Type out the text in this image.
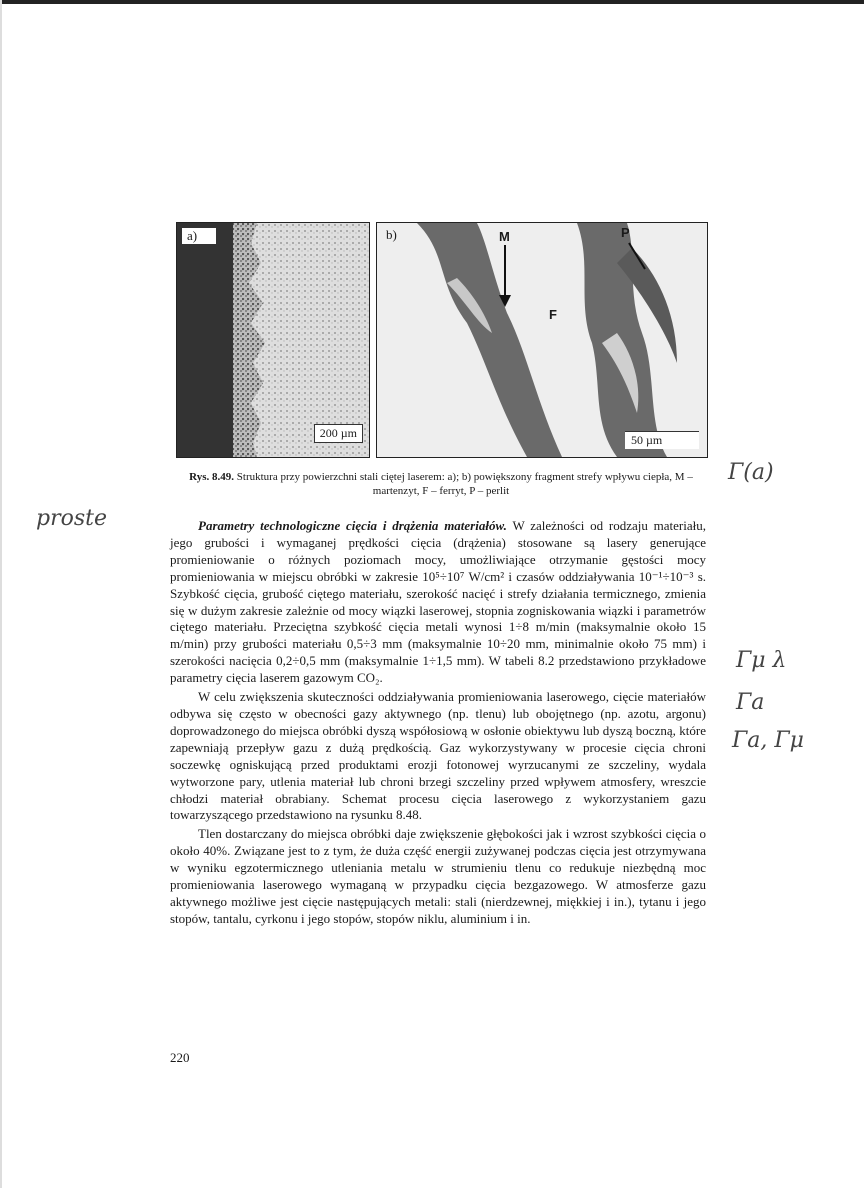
a)
200 µm
b)	M	P
F
50 µm
Rys. 8.49. Struktura przy powierzchni stali ciętej laserem: a); b) powiększony fragment strefy wpływu ciepła, M – martenzyt, F – ferryt, P – perlit

Parametry technologiczne cięcia i drążenia materiałów. W zależności od rodzaju materiału, jego grubości i wymaganej prędkości cięcia (drążenia) stosowane są lasery generujące promieniowanie o różnych poziomach mocy, umożliwiające otrzymanie gęstości mocy promieniowania w miejscu obróbki w zakresie 10⁵÷10⁷ W/cm² i czasów oddziaływania 10⁻¹÷10⁻³ s. Szybkość cięcia, grubość ciętego materiału, szerokość nacięć i strefy działania termicznego, zmienia się w dużym zakresie zależnie od mocy wiązki laserowej, stopnia zogniskowania wiązki i parametrów ciętego materiału. Przeciętna szybkość cięcia metali wynosi 1÷8 m/min (maksymalnie około 15 m/min) przy grubości materiału 0,5÷3 mm (maksymalnie 10÷20 mm, minimalnie około 75 mm) i szerokości nacięcia 0,2÷0,5 mm (maksymalnie 1÷1,5 mm). W tabeli 8.2 przedstawiono przykładowe parametry cięcia laserem gazowym CO₂.

W celu zwiększenia skuteczności oddziaływania promieniowania laserowego, cięcie materiałów odbywa się często w obecności gazy aktywnego (np. tlenu) lub obojętnego (np. azotu, argonu) doprowadzonego do miejsca obróbki dyszą współosiową w osłonie obiektywu lub dyszą boczną, które zapewniają przepływ gazu z dużą prędkością. Gaz wykorzystywany w procesie cięcia chroni soczewkę ogniskującą przed produktami erozji fotonowej wyrzucanymi ze szczeliny, wydala wytworzone pary, utlenia materiał lub chroni brzegi szczeliny przed wpływem atmosfery, wreszcie chłodzi materiał obrabiany. Schemat procesu cięcia laserowego z wykorzystaniem gazu towarzyszącego przedstawiono na rysunku 8.48.

Tlen dostarczany do miejsca obróbki daje zwiększenie głębokości jak i wzrost szybkości cięcia o około 40%. Związane jest to z tym, że duża część energii zużywanej podczas cięcia jest otrzymywana w wyniku egzotermicznego utleniania metalu w strumieniu tlenu co redukuje niezbędną moc promieniowania laserowego wymaganą w przypadku cięcia bezgazowego. W atmosferze gazu aktywnego możliwe jest cięcie następujących metali: stali (nierdzewnej, miękkiej i in.), tytanu i jego stopów, tantalu, cyrkonu i jego stopów, stopów niklu, aluminium i in.

220
proste
Γ(a)
Γμ λ
Γa
Γa, Γμ
